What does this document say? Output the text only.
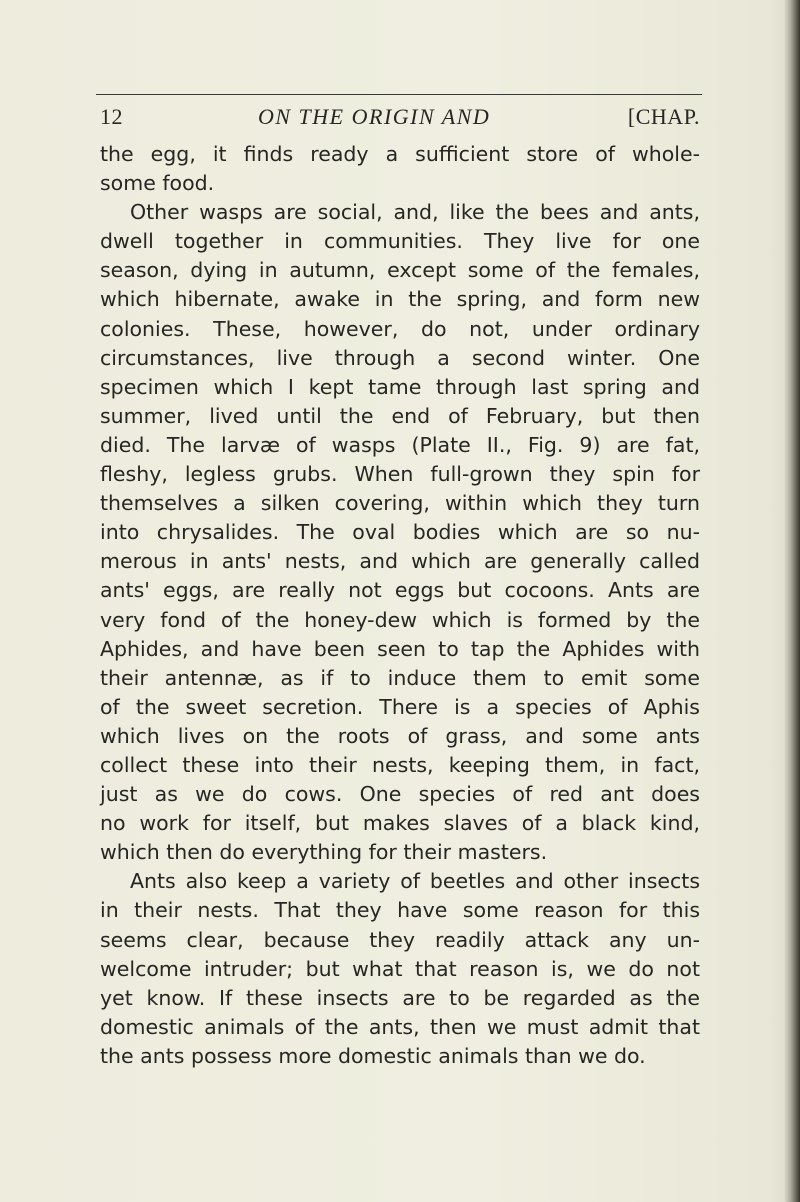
12	ON THE ORIGIN AND	[CHAP.
the egg, it finds ready a sufficient store of whole-
some food.
Other wasps are social, and, like the bees and ants,
dwell together in communities. They live for one
season, dying in autumn, except some of the females,
which hibernate, awake in the spring, and form new
colonies. These, however, do not, under ordinary
circumstances, live through a second winter. One
specimen which I kept tame through last spring and
summer, lived until the end of February, but then
died. The larvæ of wasps (Plate II., Fig. 9) are fat,
fleshy, legless grubs. When full-grown they spin for
themselves a silken covering, within which they turn
into chrysalides. The oval bodies which are so nu-
merous in ants' nests, and which are generally called
ants' eggs, are really not eggs but cocoons. Ants are
very fond of the honey-dew which is formed by the
Aphides, and have been seen to tap the Aphides with
their antennæ, as if to induce them to emit some
of the sweet secretion. There is a species of Aphis
which lives on the roots of grass, and some ants
collect these into their nests, keeping them, in fact,
just as we do cows. One species of red ant does
no work for itself, but makes slaves of a black kind,
which then do everything for their masters.
Ants also keep a variety of beetles and other insects
in their nests. That they have some reason for this
seems clear, because they readily attack any un-
welcome intruder; but what that reason is, we do not
yet know. If these insects are to be regarded as the
domestic animals of the ants, then we must admit that
the ants possess more domestic animals than we do.
